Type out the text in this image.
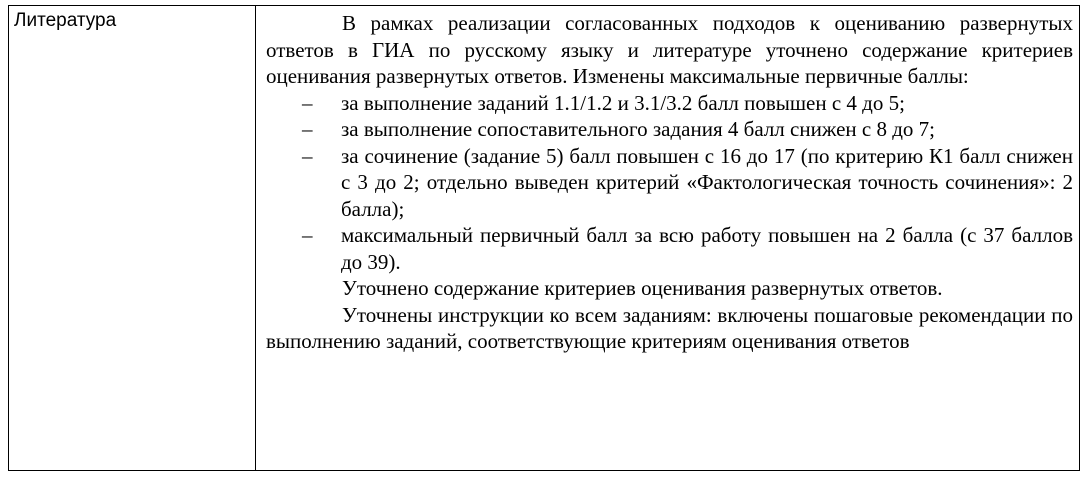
Литература	В рамках реализации согласованных подходов к оцениванию развернутых ответов в ГИА по русскому языку и литературе уточнено содержание критериев оценивания развернутых ответов. Изменены максимальные первичные баллы:

– за выполнение заданий 1.1/1.2 и 3.1/3.2 балл повышен с 4 до 5;
– за выполнение сопоставительного задания 4 балл снижен с 8 до 7;
– за сочинение (задание 5) балл повышен с 16 до 17 (по критерию К1 балл снижен с 3 до 2; отдельно выведен критерий «Фактологическая точность сочинения»: 2 балла);
– максимальный первичный балл за всю работу повышен на 2 балла (с 37 баллов до 39).

Уточнено содержание критериев оценивания развернутых ответов.

Уточнены инструкции ко всем заданиям: включены пошаговые рекомендации по выполнению заданий, соответствующие критериям оценивания ответов
